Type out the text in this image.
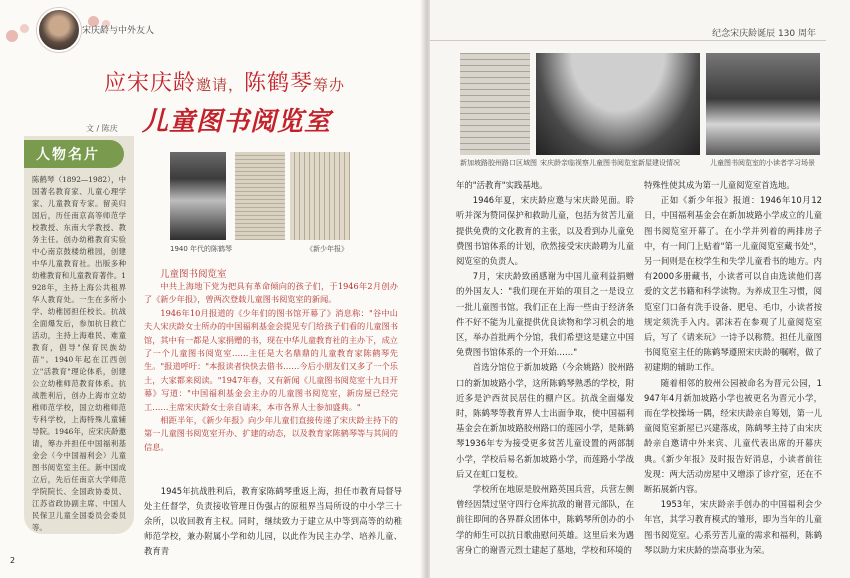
宋庆龄与中外友人
应宋庆龄邀请，陈鹤琴筹办
儿童图书阅览室
文 / 陈庆
人物名片
陈鹤琴（1892—1982），中国著名教育家、儿童心理学家、儿童教育专家。留美归国后，历任南京高等师范学校教授、东南大学教授、教务主任。创办幼稚教育实验中心南京鼓楼幼稚园，创建中华儿童教育社。出版多种幼稚教育和儿童教育著作。1928年，主持上海公共租界华人教育处。一生在多所小学、幼稚园担任校长。抗战全面爆发后，参加抗日救亡活动，主持上海难民、难童教育，倡导"保育民族幼苗"。1940年起在江西创立"活教育"理论体系，创建公立幼稚师范教育体系。抗战胜利后，创办上海市立幼稚师范学校，国立幼稚师范专科学校，上海特殊儿童辅导院。1946年，应宋庆龄邀请，筹办并担任中国福利基金会（今中国福利会）儿童图书阅览室主任。新中国成立后，先后任南京大学师范学院院长、全国政协委员、江苏省政协副主席、中国人民保卫儿童全国委员会委员等。
1940 年代的陈鹤琴	《新少年报》
儿童图书阅览室

中共上海地下党为把具有革命倾向的孩子们，于1946年2月创办了《新少年报》，曾两次登载儿童图书阅览室的新闻。

1946年10月报道的《少年们的图书馆开幕了》消息称："谷中山夫人宋庆龄女士所办的中国福利基金会提见专门给孩子们看的儿童图书馆，其中有一都是人家捐赠的书，现在中华儿童教育社的主办下，成立了一个儿童图书阅览室……主任是大名鼎鼎的儿童教育家陈鹤琴先生。"报道呼吁："本报读者快快去借书……今后小朋友们又多了一个乐土，大家都来阅读。"1947年春，又有新闻《儿童图书阅览室十九日开幕》写道："中国福利基金会主办的儿童图书阅览室，新房屋已经完工……主席宋庆龄女士亲自请来，本市各界人士参加盛典。"

相距半年，《新少年报》向少年儿童们直接传递了宋庆龄主持下的第一儿童图书阅览室开办、扩建的动态，以及教育家陈鹤琴等与其间的信息。

1945年抗战胜利后，教育家陈鹤琴重返上海，担任市教育局督导处主任督学，负责接收管理日伪强占的原租界当局所设的中小学三十余所，以收回教育主权。同时，继续致力于建立从中等到高等的幼稚师范学校，兼办附属小学和幼儿园，以此作为民主办学、培养儿童、教育青

2
纪念宋庆龄诞辰 130 周年
新加坡路胶州路口区域图 宋庆龄亲临视察儿童图书阅览室新屋建设情况	儿童图书阅览室的小读者学习场景

年的"活教育"实践基地。

1946年夏，宋庆龄应邀与宋庆龄见面。聆听并深为赞同保护和救助儿童，包括为贫苦儿童提供免费的文化教育的主张，以及看到办儿童免费图书馆体系的计划，欣然接受宋庆龄聘为儿童阅览室的负责人。

7月，宋庆龄致函感谢为中国儿童利益捐赠的外国友人："我们现在开始的项目之一是设立一批儿童图书馆。我们正在上海一些由于经济条件不好不能为儿童提供优良读物和学习机会的地区，举办首批两个分馆，我们希望这是建立中国免费图书馆体系的一个开始……"

首选分馆位于新加坡路（今余姚路）胶州路口的新加坡路小学，这所陈鹤琴熟悉的学校，附近多是沪西贫民居住的棚户区。抗战全面爆发时，陈鹤琴等教育界人士出面争取，使中国福利基金会在新加坡路胶州路口的莲园小学，是陈鹤琴1936年专为接受更多贫苦儿童设置的两部制小学，学校后易名新加坡路小学，而莲路小学战后又在虹口复校。

学校所在地原是胶州路英国兵营，兵营左侧曾经因禁过坚守四行仓库抗敌的谢晋元部队，在前往即间的各界群众团体中，陈鹤琴所创办的小学的师生可以抗日歌曲慰问英雄。这里后来为遇害身亡的谢晋元烈士建起了墓地，学校和环境的

特殊性使其成为第一儿童阅览室首选地。

正如《新少年报》报道：1946年10月12日，中国福利基金会在新加坡路小学成立的儿童图书阅览室开幕了。在小学并列着的两排房子中，有一间门上贴着"第一儿童阅览室藏书处"，另一间则是在校学生和失学儿童看书的地方。内有2000多册藏书，小读者可以自由选读他们喜爱的文艺书籍和科学读物。为养成卫生习惯，阅览室门口备有洗手设备、肥皂、毛巾，小读者按规定须洗手入内。郭沫若在参观了儿童阅览室后，写了《请来玩》一诗予以称赞。担任儿童图书阅览室主任的陈鹤琴遵照宋庆龄的嘱咐，做了初建期的辅助工作。

随着相邻的胶州公园被命名为晋元公园，1947年4月新加坡路小学也被更名为晋元小学，而在学校操场一隅，经宋庆龄亲自筹划，第一儿童阅览室新屋已兴建落成，陈鹤琴主持了由宋庆龄亲自邀请中外来宾、儿童代表出席的开幕庆典。《新少年报》及时报告好消息，小读者前往发现：两大活动房屋中又增添了诊疗室，还在不断拓展新内容。

1953年，宋庆龄亲手创办的中国福利会少年宫，其学习教育模式的雏形，即为当年的儿童图书阅览室。心系劳苦儿童的需求和福利，陈鹤琴以助力宋庆龄的崇高事业为荣。
